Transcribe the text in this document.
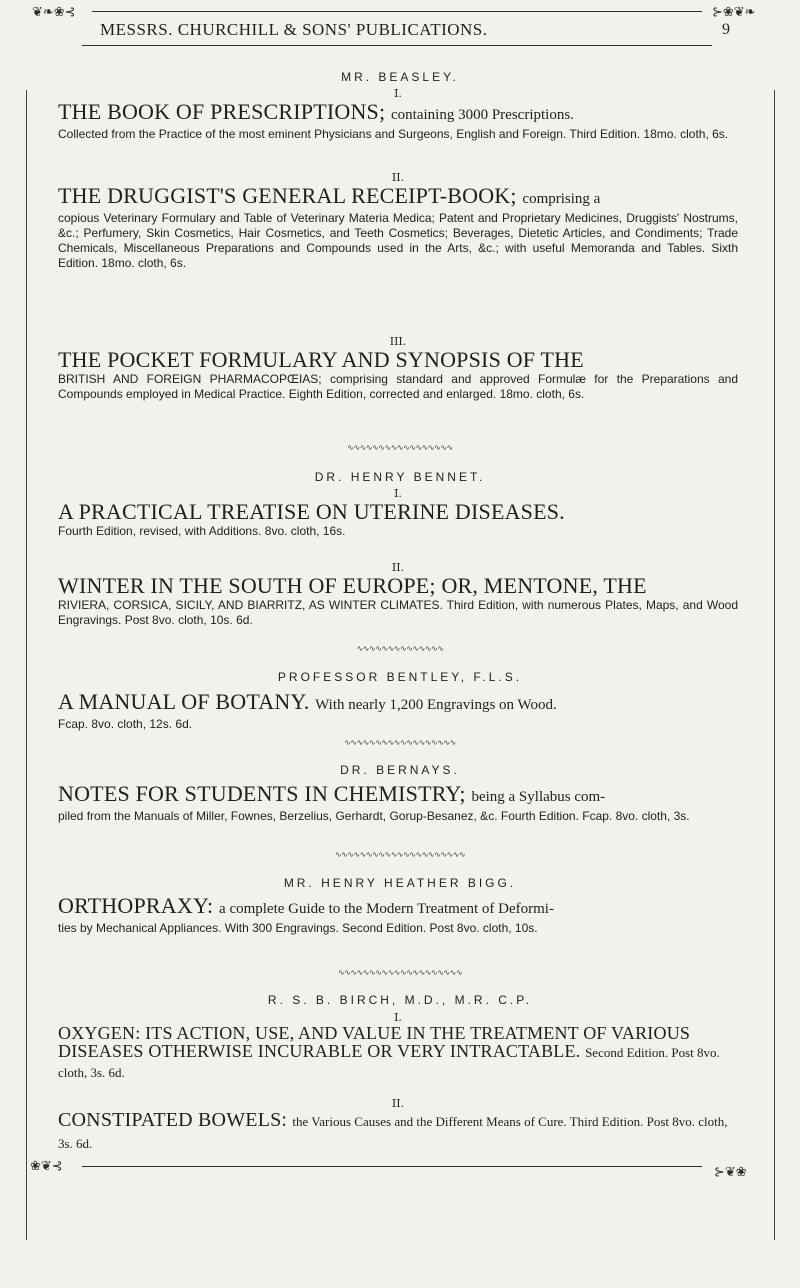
❦❧❀⊰	⊱❀❦❧
MESSRS. CHURCHILL & SONS' PUBLICATIONS.	9
MR. BEASLEY.
I.
THE BOOK OF PRESCRIPTIONS; containing 3000 Prescriptions.
Collected from the Practice of the most eminent Physicians and Surgeons, English and Foreign. Third Edition. 18mo. cloth, 6s.
II.
THE DRUGGIST'S GENERAL RECEIPT-BOOK; comprising a
copious Veterinary Formulary and Table of Veterinary Materia Medica; Patent and Proprietary Medicines, Druggists' Nostrums, &c.; Perfumery, Skin Cosmetics, Hair Cosmetics, and Teeth Cosmetics; Beverages, Dietetic Articles, and Condiments; Trade Chemicals, Miscellaneous Preparations and Compounds used in the Arts, &c.; with useful Memoranda and Tables. Sixth Edition. 18mo. cloth, 6s.
III.
THE POCKET FORMULARY AND SYNOPSIS OF THE
BRITISH AND FOREIGN PHARMACOPŒIAS; comprising standard and approved Formulæ for the Preparations and Compounds employed in Medical Practice. Eighth Edition, corrected and enlarged. 18mo. cloth, 6s.
∿∿∿∿∿∿∿∿∿∿∿∿∿∿∿∿∿
DR. HENRY BENNET.
I.
A PRACTICAL TREATISE ON UTERINE DISEASES.
Fourth Edition, revised, with Additions. 8vo. cloth, 16s.
II.
WINTER IN THE SOUTH OF EUROPE; OR, MENTONE, THE
RIVIERA, CORSICA, SICILY, AND BIARRITZ, AS WINTER CLIMATES. Third Edition, with numerous Plates, Maps, and Wood Engravings. Post 8vo. cloth, 10s. 6d.
∿∿∿∿∿∿∿∿∿∿∿∿∿∿
PROFESSOR BENTLEY, F.L.S.
A MANUAL OF BOTANY. With nearly 1,200 Engravings on Wood.
Fcap. 8vo. cloth, 12s. 6d.
∿∿∿∿∿∿∿∿∿∿∿∿∿∿∿∿∿∿
DR. BERNAYS.
NOTES FOR STUDENTS IN CHEMISTRY; being a Syllabus com-
piled from the Manuals of Miller, Fownes, Berzelius, Gerhardt, Gorup-Besanez, &c. Fourth Edition. Fcap. 8vo. cloth, 3s.
∿∿∿∿∿∿∿∿∿∿∿∿∿∿∿∿∿∿∿∿∿
MR. HENRY HEATHER BIGG.
ORTHOPRAXY: a complete Guide to the Modern Treatment of Deformi-
ties by Mechanical Appliances. With 300 Engravings. Second Edition. Post 8vo. cloth, 10s.
∿∿∿∿∿∿∿∿∿∿∿∿∿∿∿∿∿∿∿∿
R. S. B. BIRCH, M.D., M.R. C.P.
I.
OXYGEN: ITS ACTION, USE, AND VALUE IN THE TREATMENT OF VARIOUS DISEASES OTHERWISE INCURABLE OR VERY INTRACTABLE. Second Edition. Post 8vo. cloth, 3s. 6d.
II.
CONSTIPATED BOWELS: the Various Causes and the Different Means of Cure. Third Edition. Post 8vo. cloth, 3s. 6d.
❀❦⊰	⊱❦❀
